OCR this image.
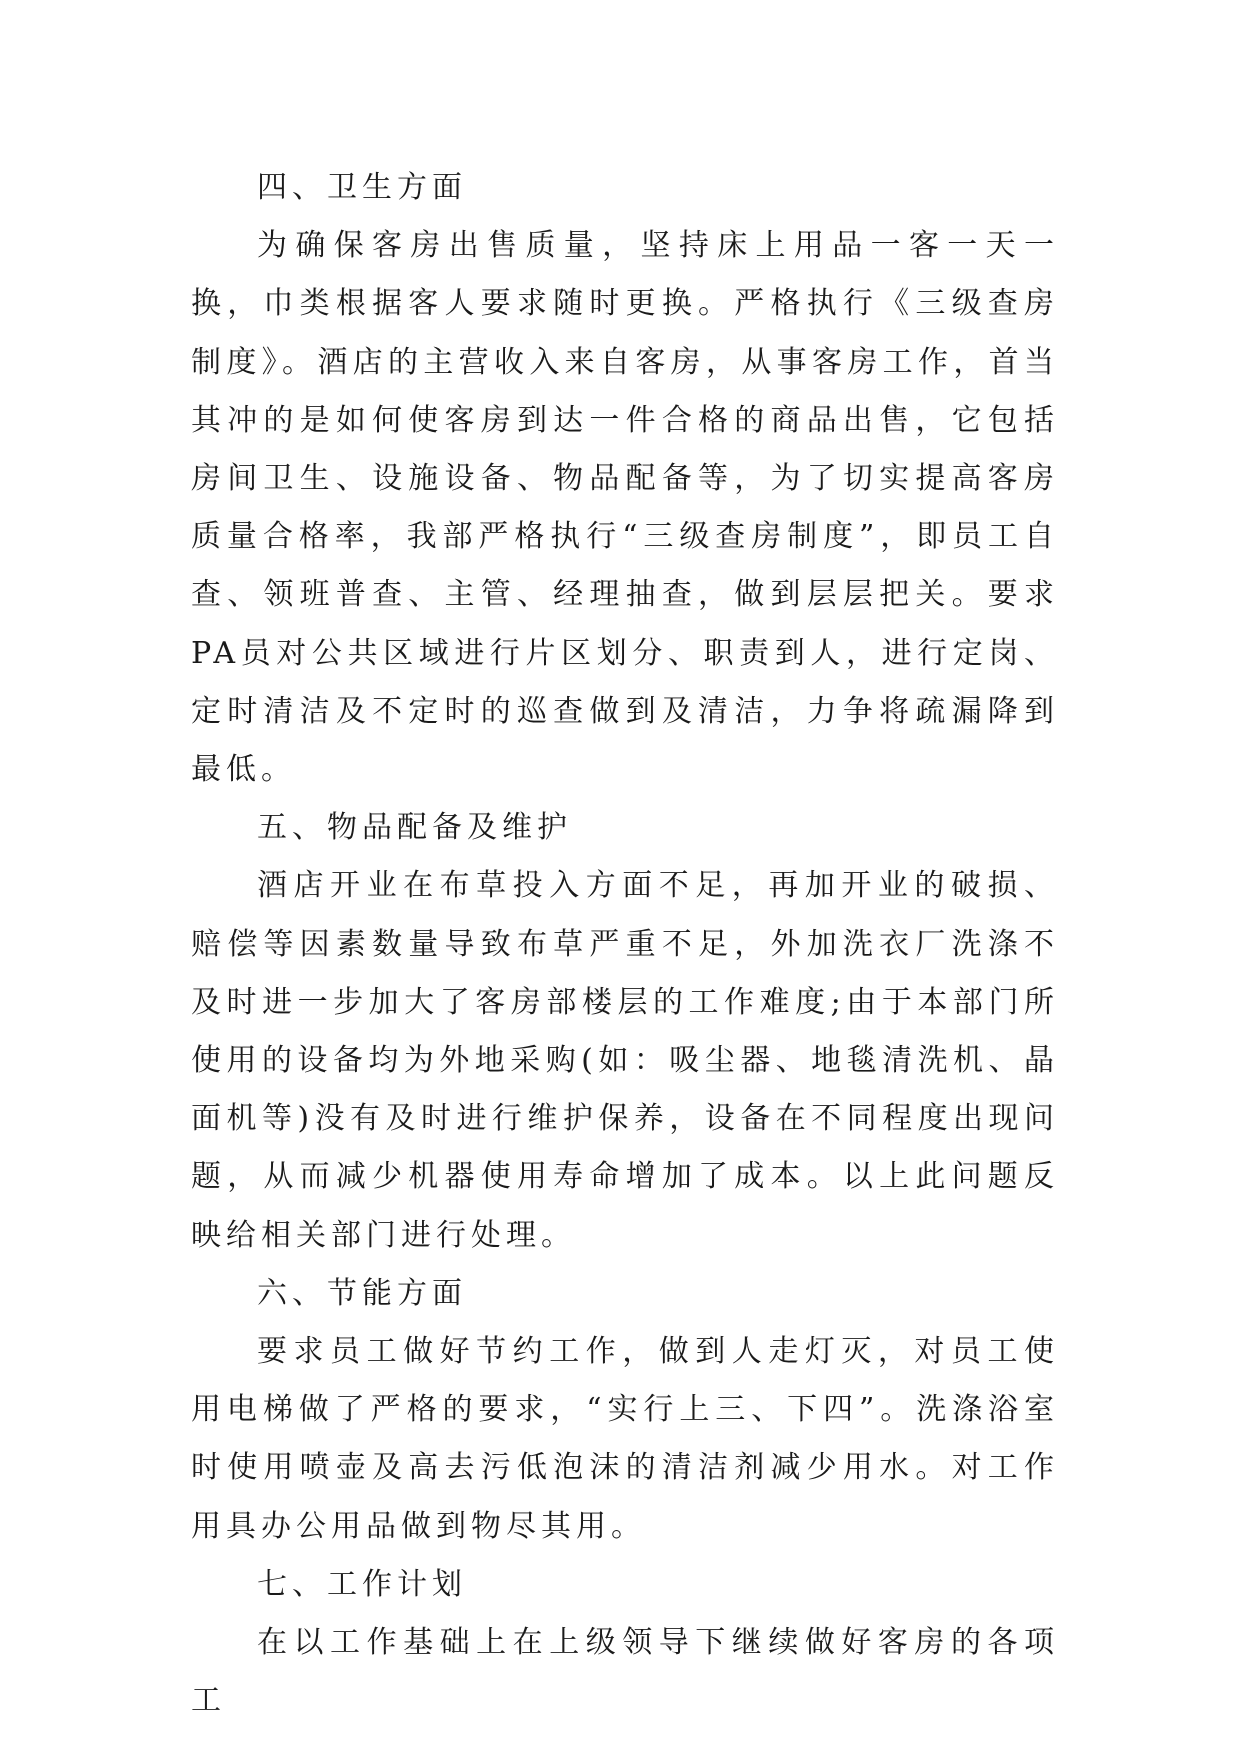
四、卫生方面

为确保客房出售质量，坚持床上用品一客一天一换，巾类根据客人要求随时更换。严格执行《三级查房制度》。酒店的主营收入来自客房，从事客房工作，首当其冲的是如何使客房到达一件合格的商品出售，它包括房间卫生、设施设备、物品配备等，为了切实提高客房质量合格率，我部严格执行“三级查房制度”，即员工自查、领班普查、主管、经理抽查，做到层层把关。要求PA员对公共区域进行片区划分、职责到人，进行定岗、定时清洁及不定时的巡查做到及清洁，力争将疏漏降到最低。

五、物品配备及维护

酒店开业在布草投入方面不足，再加开业的破损、赔偿等因素数量导致布草严重不足，外加洗衣厂洗涤不及时进一步加大了客房部楼层的工作难度;由于本部门所使用的设备均为外地采购(如：吸尘器、地毯清洗机、晶面机等)没有及时进行维护保养，设备在不同程度出现问题，从而减少机器使用寿命增加了成本。以上此问题反映给相关部门进行处理。

六、节能方面

要求员工做好节约工作，做到人走灯灭，对员工使用电梯做了严格的要求，“实行上三、下四”。洗涤浴室时使用喷壶及高去污低泡沫的清洁剂减少用水。对工作用具办公用品做到物尽其用。

七、工作计划

在以工作基础上在上级领导下继续做好客房的各项工
